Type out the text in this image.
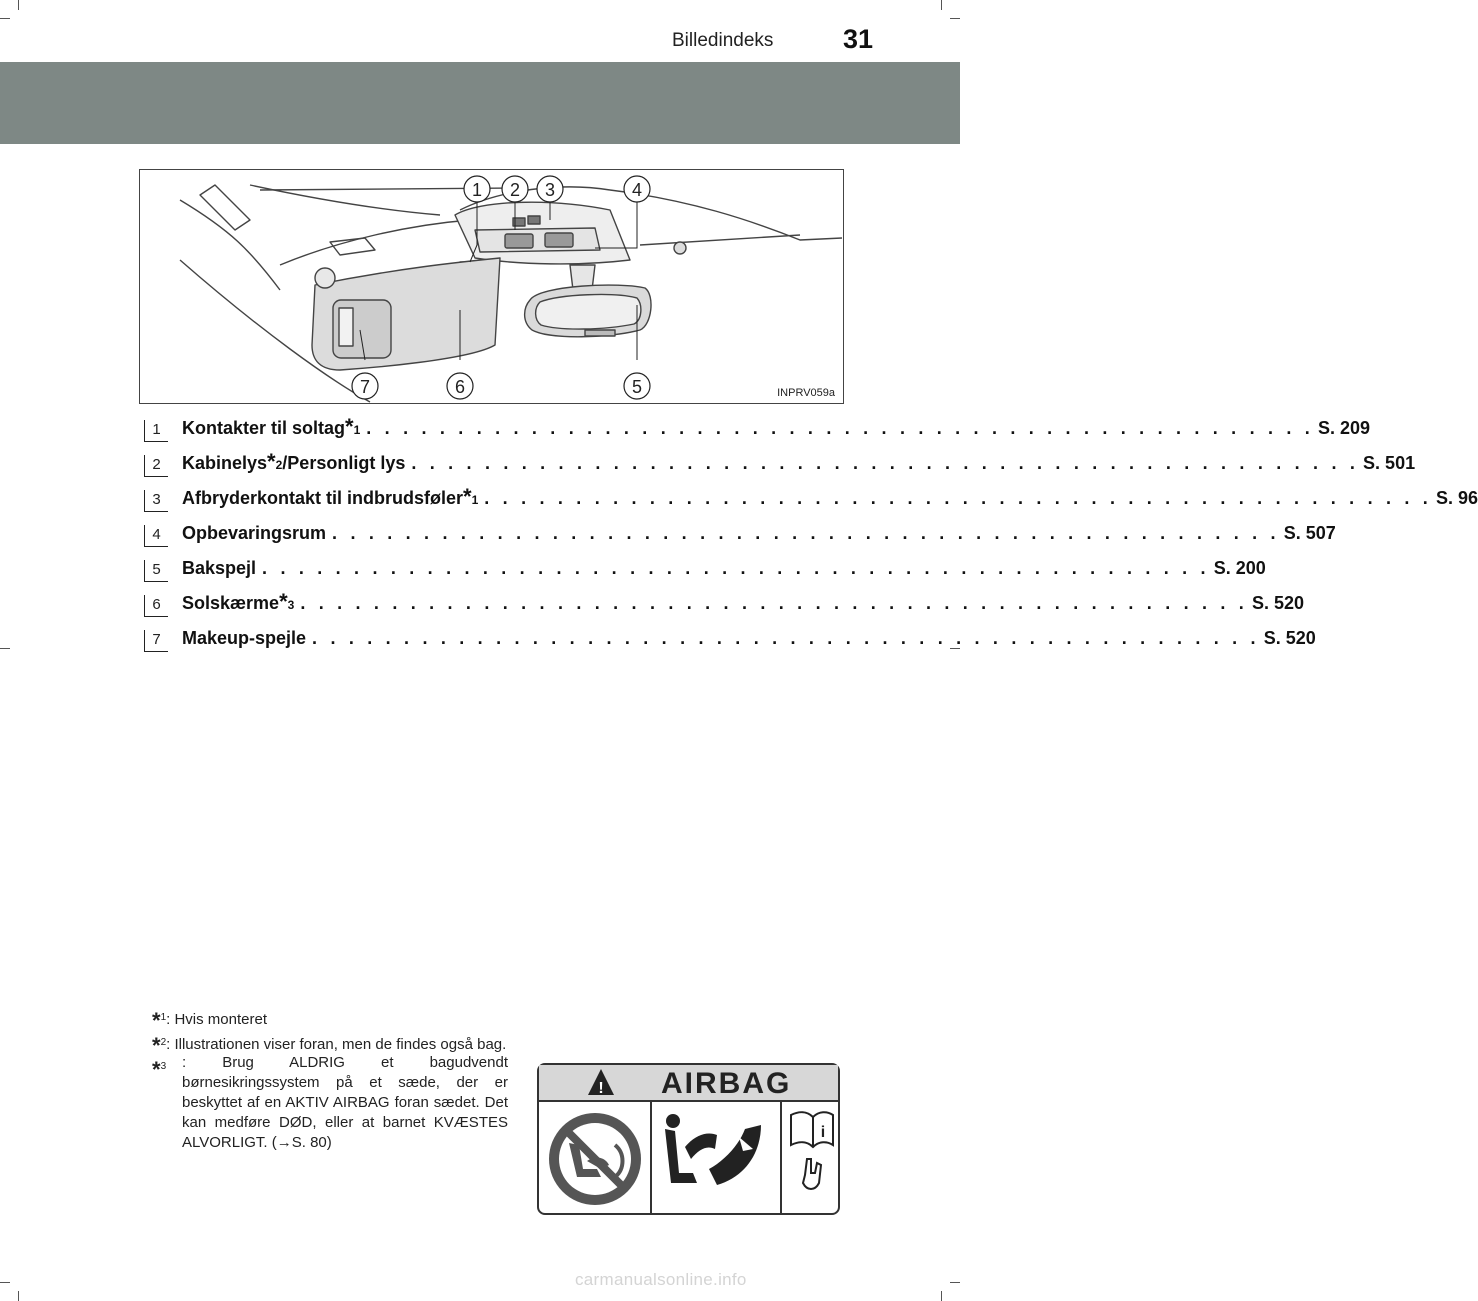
Billedindeks	31
1 2 3	4
5
6
7	INPRV059a
1	Kontakter til soltag *1 . . . . . . . . . . . . . . . . . . . . . . . . . . . . . . . . . . . . . . . . . . . . . . . . . . . . S. 209
2	Kabinelys *2 /Personligt lys . . . . . . . . . . . . . . . . . . . . . . . . . . . . . . . . . . . . . . . . . . . . . . . . . . . . S. 501
3	Afbryderkontakt til indbrudsføler *1 . . . . . . . . . . . . . . . . . . . . . . . . . . . . . . . . . . . . . . . . . . . . . . . . . . . . S. 96
4	Opbevaringsrum . . . . . . . . . . . . . . . . . . . . . . . . . . . . . . . . . . . . . . . . . . . . . . . . . . . . S. 507
5	Bakspejl . . . . . . . . . . . . . . . . . . . . . . . . . . . . . . . . . . . . . . . . . . . . . . . . . . . . S. 200
6	Solskærme *3 . . . . . . . . . . . . . . . . . . . . . . . . . . . . . . . . . . . . . . . . . . . . . . . . . . . . S. 520
7	Makeup-spejle . . . . . . . . . . . . . . . . . . . . . . . . . . . . . . . . . . . . . . . . . . . . . . . . . . . . S. 520
*$^1$: Hvis monteret
*$^2$: Illustrationen viser foran, men de findes også bag.
*$^3$ : Brug ALDRIG et bagudvendt børnesikringssystem på et sæde, der er beskyttet af en AKTIV AIRBAG foran sædet. Det kan medføre DØD, eller at barnet KVÆSTES ALVORLIGT. (→S. 80)
!
i
AIRBAG
carmanualsonline.info
